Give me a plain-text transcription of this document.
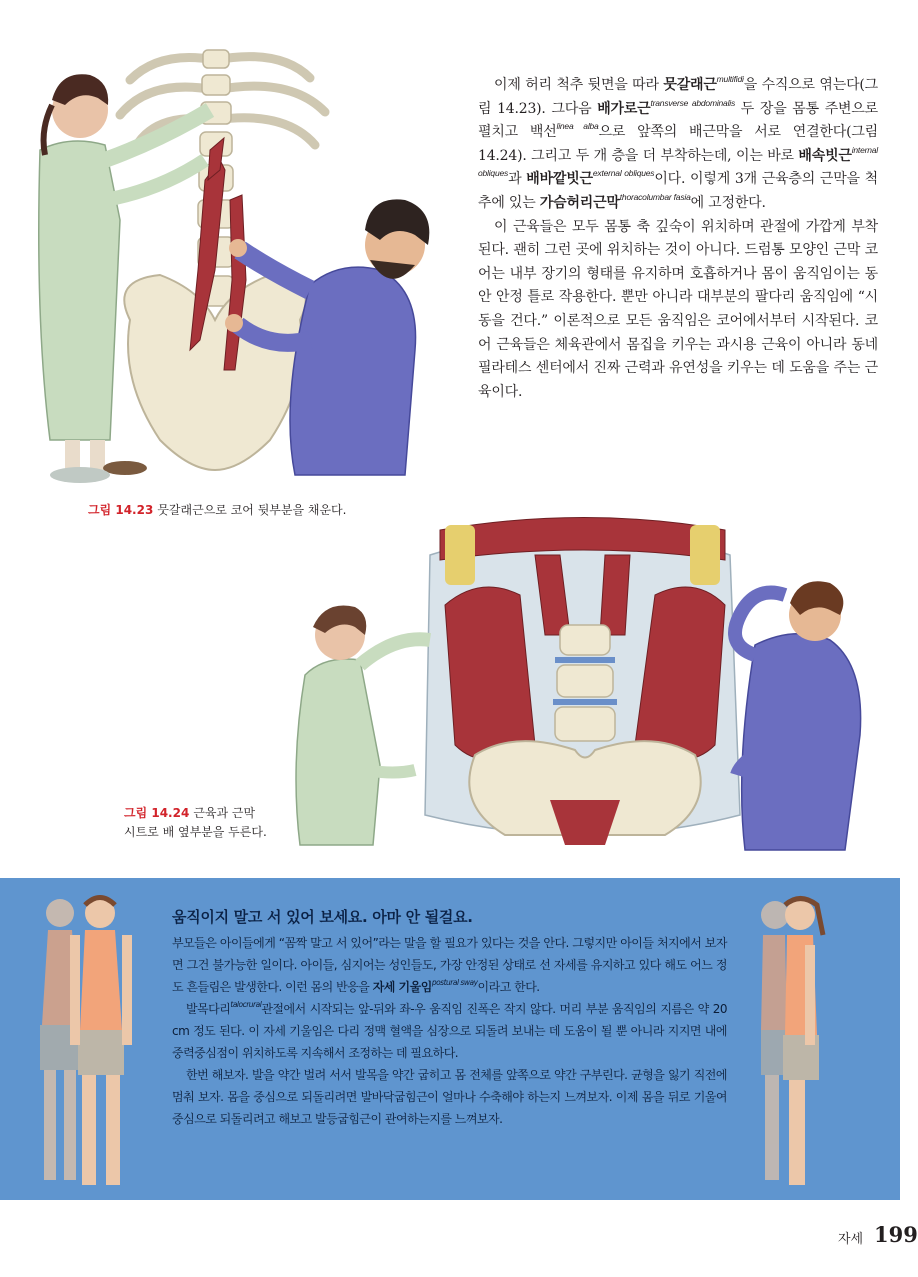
이제 허리 척추 뒷면을 따라 뭇갈래근$^{multifidi}$을 수직으로 엮는다(그림 14.23). 그다음 배가로근$^{transverse abdominalis}$ 두 장을 몸통 주변으로 펼치고 백선$^{linea alba}$으로 앞쪽의 배근막을 서로 연결한다(그림 14.24). 그리고 두 개 층을 더 부착하는데, 이는 바로 배속빗근$^{internal obliques}$과 배바깥빗근$^{external obliques}$이다. 이렇게 3개 근육층의 근막을 척추에 있는 가슴허리근막$^{thoracolumbar fasia}$에 고정한다.

이 근육들은 모두 몸통 축 깊숙이 위치하며 관절에 가깝게 부착된다. 괜히 그런 곳에 위치하는 것이 아니다. 드럼통 모양인 근막 코어는 내부 장기의 형태를 유지하며 호흡하거나 몸이 움직임이는 동안 안정 틀로 작용한다. 뿐만 아니라 대부분의 팔다리 움직임에 “시동을 건다.” 이론적으로 모든 움직임은 코어에서부터 시작된다. 코어 근육들은 체육관에서 몸집을 키우는 과시용 근육이 아니라 동네 필라테스 센터에서 진짜 근력과 유연성을 키우는 데 도움을 주는 근육이다.

그림 14.23 뭇갈래근으로 코어 뒷부분을 채운다.
그림 14.24 근육과 근막
시트로 배 옆부분을 두른다.
움직이지 말고 서 있어 보세요. 아마 안 될걸요.

부모들은 아이들에게 “꼼짝 말고 서 있어”라는 말을 할 필요가 있다는 것을 안다. 그렇지만 아이들 처지에서 보자면 그건 불가능한 일이다. 아이들, 심지어는 성인들도, 가장 안정된 상태로 선 자세를 유지하고 있다 해도 어느 정도 흔들림은 발생한다. 이런 몸의 반응을 자세 기울임$^{postural sway}$이라고 한다.

발목다리$^{talocrural}$관절에서 시작되는 앞-뒤와 좌-우 움직임 진폭은 작지 않다. 머리 부분 움직임의 지름은 약 20 cm 정도 된다. 이 자세 기울임은 다리 정맥 혈액을 심장으로 되돌려 보내는 데 도움이 될 뿐 아니라 지지면 내에 중력중심점이 위치하도록 지속해서 조정하는 데 필요하다.

한번 해보자. 발을 약간 벌려 서서 발목을 약간 굽히고 몸 전체를 앞쪽으로 약간 구부린다. 균형을 잃기 직전에 멈춰 보자. 몸을 중심으로 되돌리려면 발바닥굽힘근이 얼마나 수축해야 하는지 느껴보자. 이제 몸을 뒤로 기울여 중심으로 되돌리려고 해보고 발등굽힘근이 관여하는지를 느껴보자.

자세 199
